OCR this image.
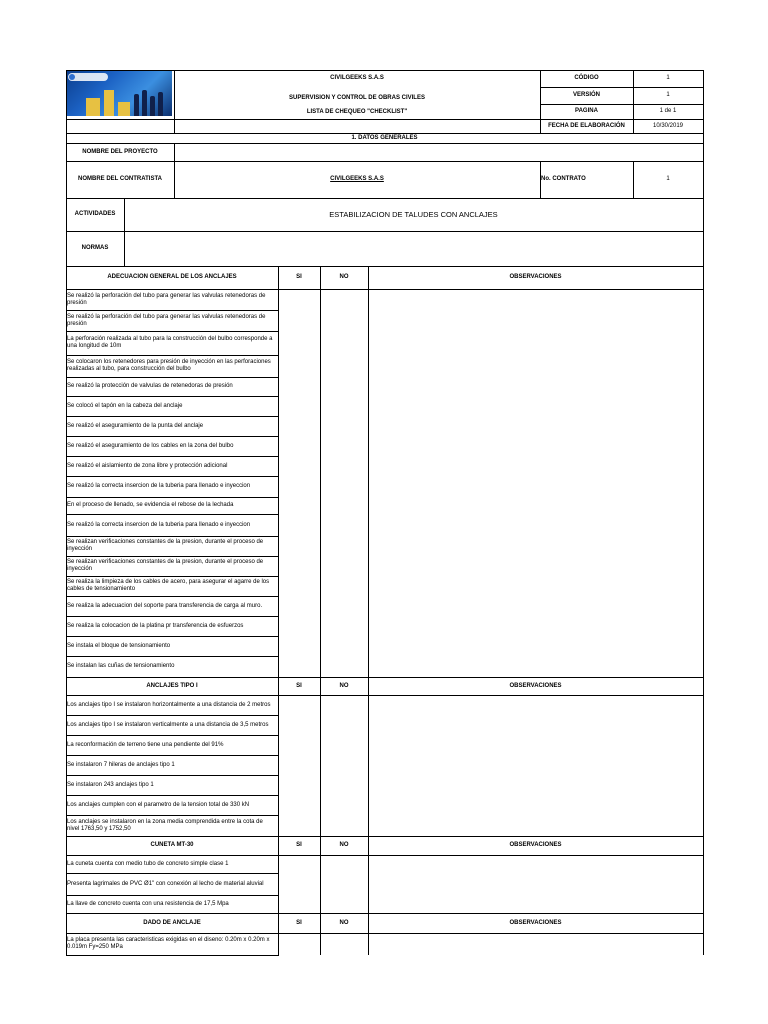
CIVILGEEKS S.A.S
SUPERVISION Y CONTROL DE OBRAS CIVILES
LISTA DE CHEQUEO "CHECKLIST"
CÓDIGO	1
VERSIÓN	1
PAGINA	1 de 1
FECHA DE ELABORACIÓN	10/30/2019
1. DATOS GENERALES
NOMBRE DEL PROYECTO
NOMBRE DEL CONTRATISTA	CIVILGEEKS S.A.S	No. CONTRATO	1
ACTIVIDADES	ESTABILIZACION DE TALUDES CON ANCLAJES
NORMAS
ADECUACION GENERAL DE LOS ANCLAJES	SI	NO	OBSERVACIONES
Se realizó la perforación del tubo para generar las valvulas retenedoras de presión
Se realizó la perforación del tubo para generar las valvulas retenedoras de presión
La perforación realizada al tubo para la construcción del bulbo corresponde a una longitud de 10m
Se colocaron los retenedores para presión de inyección en las perforaciones realizadas al tubo, para construcción del bulbo
Se realizó la protección de valvulas de retenedoras de presión
Se colocó el tapón en la cabeza del anclaje
Se realizó el aseguramiento de la punta del anclaje
Se realizó el aseguramiento de los cables en la zona del bulbo
Se realizó el aislamiento de zona libre y protección adicional
Se realizó la correcta insercion de la tuberia para llenado e inyeccion
En el proceso de llenado, se evidencia el rebose de la lechada
Se realizó la correcta insercion de la tuberia para llenado e inyeccion
Se realizan verificaciones constantes de la presion, durante el proceso de inyección
Se realizan verificaciones constantes de la presion, durante el proceso de inyección
Se realiza la limpieza de los cables de acero, para asegurar el agarre de los cables de tensionamiento
Se realiza la adecuacion del soporte para transferencia de carga al muro.
Se realiza la colocacion de la platina pr transferencia de esfuerzos
Se instala el bloque de tensionamiento
Se instalan las cuñas de tensionamiento
ANCLAJES TIPO I	SI	NO	OBSERVACIONES
Los anclajes tipo I se instalaron horizontalmente a una distancia de 2 metros
Los anclajes tipo I se instalaron verticalmente a una distancia de 3,5 metros
La reconformación de terreno tiene una pendiente del 91%
Se instalaron 7 hileras de anclajes tipo 1
Se instalaron 243 anclajes tipo 1
Los anclajes cumplen con el parametro de la tension total de 330 kN
Los anclajes se instalaron en la zona media comprendida entre la cota de nivel 1763,50 y 1752,50
CUNETA MT-30	SI	NO	OBSERVACIONES
La cuneta cuenta con medio tubo de concreto simple clase 1
Presenta lagrimales de PVC Ø1" con conexión al lecho de material aluvial
La llave de concreto cuenta con una resistencia de 17,5 Mpa
DADO DE ANCLAJE	SI	NO	OBSERVACIONES
La placa presenta las caracteristicas exigidas en el diseno: 0.20m x 0.20m x 0.019m Fy=250 MPa
